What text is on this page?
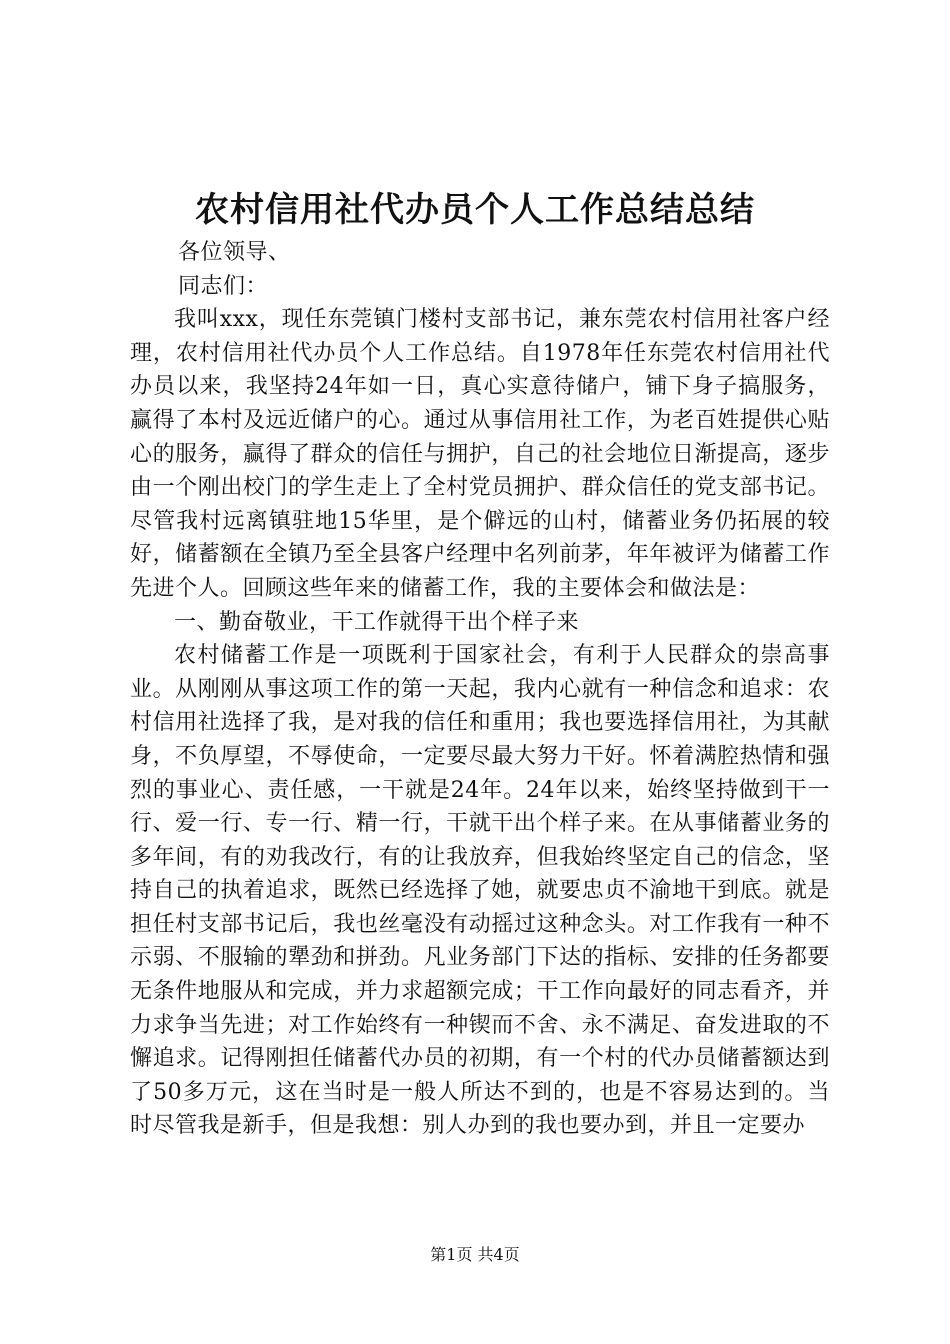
农村信用社代办员个人工作总结总结

各位领导、

同志们：

我叫xxx，现任东莞镇门楼村支部书记，兼东莞农村信用社客户经理，农村信用社代办员个人工作总结。自1978年任东莞农村信用社代办员以来，我坚持24年如一日，真心实意待储户，铺下身子搞服务，赢得了本村及远近储户的心。通过从事信用社工作，为老百姓提供心贴心的服务，赢得了群众的信任与拥护，自己的社会地位日渐提高，逐步由一个刚出校门的学生走上了全村党员拥护、群众信任的党支部书记。尽管我村远离镇驻地15华里，是个僻远的山村，储蓄业务仍拓展的较好，储蓄额在全镇乃至全县客户经理中名列前茅，年年被评为储蓄工作先进个人。回顾这些年来的储蓄工作，我的主要体会和做法是：

一、勤奋敬业，干工作就得干出个样子来

农村储蓄工作是一项既利于国家社会，有利于人民群众的崇高事业。从刚刚从事这项工作的第一天起，我内心就有一种信念和追求：农村信用社选择了我，是对我的信任和重用；我也要选择信用社，为其献身，不负厚望，不辱使命，一定要尽最大努力干好。怀着满腔热情和强烈的事业心、责任感，一干就是24年。24年以来，始终坚持做到干一行、爱一行、专一行、精一行，干就干出个样子来。在从事储蓄业务的多年间，有的劝我改行，有的让我放弃，但我始终坚定自己的信念，坚持自己的执着追求，既然已经选择了她，就要忠贞不渝地干到底。就是担任村支部书记后，我也丝毫没有动摇过这种念头。对工作我有一种不示弱、不服输的犟劲和拼劲。凡业务部门下达的指标、安排的任务都要无条件地服从和完成，并力求超额完成；干工作向最好的同志看齐，并力求争当先进；对工作始终有一种锲而不舍、永不满足、奋发进取的不懈追求。记得刚担任储蓄代办员的初期，有一个村的代办员储蓄额达到了50多万元，这在当时是一般人所达不到的，也是不容易达到的。当时尽管我是新手，但是我想：别人办到的我也要办到，并且一定要办

第1页 共4页
